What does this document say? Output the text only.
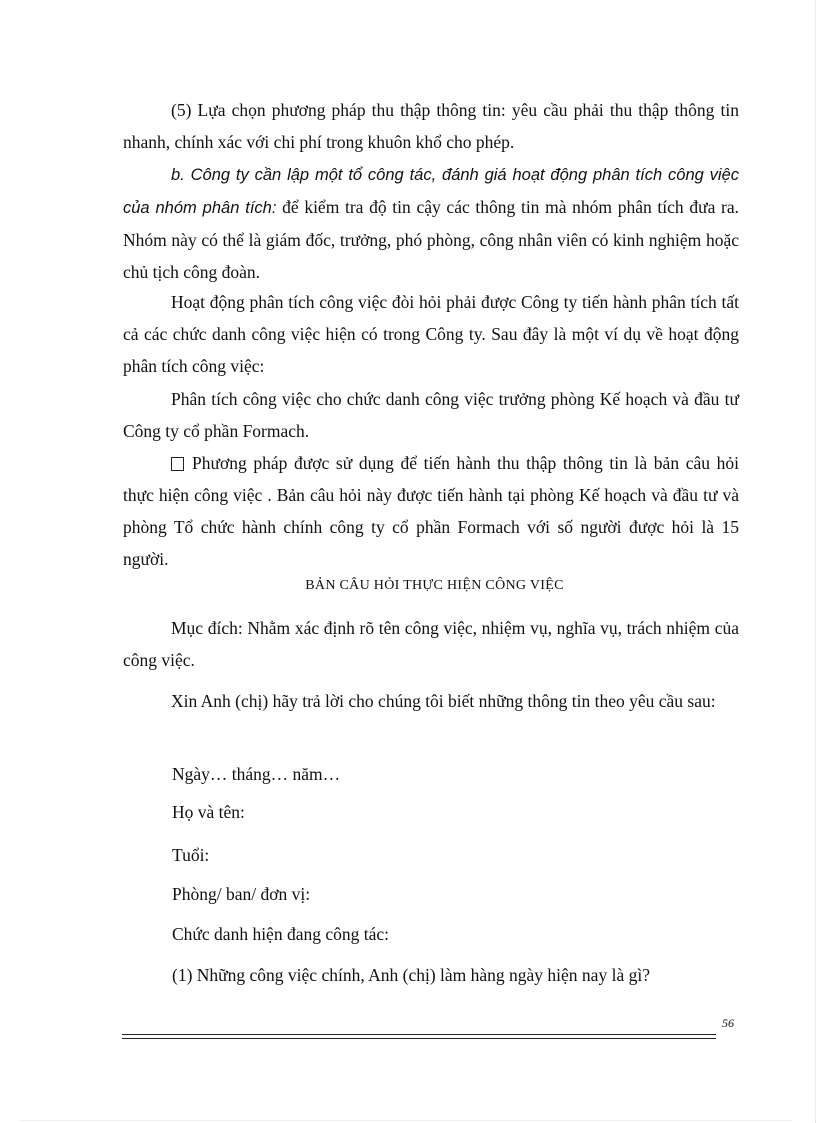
(5) Lựa chọn phương pháp thu thập thông tin: yêu cầu phải thu thập thông tin nhanh, chính xác với chi phí trong khuôn khổ cho phép.

b. Công ty cần lập một tổ công tác, đánh giá hoạt động phân tích công việc của nhóm phân tích: để kiểm tra độ tin cậy các thông tin mà nhóm phân tích đưa ra. Nhóm này có thể là giám đốc, trưởng, phó phòng, công nhân viên có kinh nghiệm hoặc chủ tịch công đoàn.

Hoạt động phân tích công việc đòi hỏi phải được Công ty tiến hành phân tích tất cả các chức danh công việc hiện có trong Công ty. Sau đây là một ví dụ về hoạt động phân tích công việc:

Phân tích công việc cho chức danh công việc trưởng phòng Kế hoạch và đầu tư Công ty cổ phần Formach.

Phương pháp được sử dụng để tiến hành thu thập thông tin là bản câu hỏi thực hiện công việc . Bản câu hỏi này được tiến hành tại phòng Kế hoạch và đầu tư và phòng Tổ chức hành chính công ty cổ phần Formach với số người được hỏi là 15 người.

BẢN CÂU HỎI THỰC HIỆN CÔNG VIỆC

Mục đích: Nhằm xác định rõ tên công việc, nhiệm vụ, nghĩa vụ, trách nhiệm của công việc.

Xin Anh (chị) hãy trả lời cho chúng tôi biết những thông tin theo yêu cầu sau:

Ngày… tháng… năm…

Họ và tên:

Tuổi:

Phòng/ ban/ đơn vị:

Chức danh hiện đang công tác:

(1) Những công việc chính, Anh (chị) làm hàng ngày hiện nay là gì?

56
